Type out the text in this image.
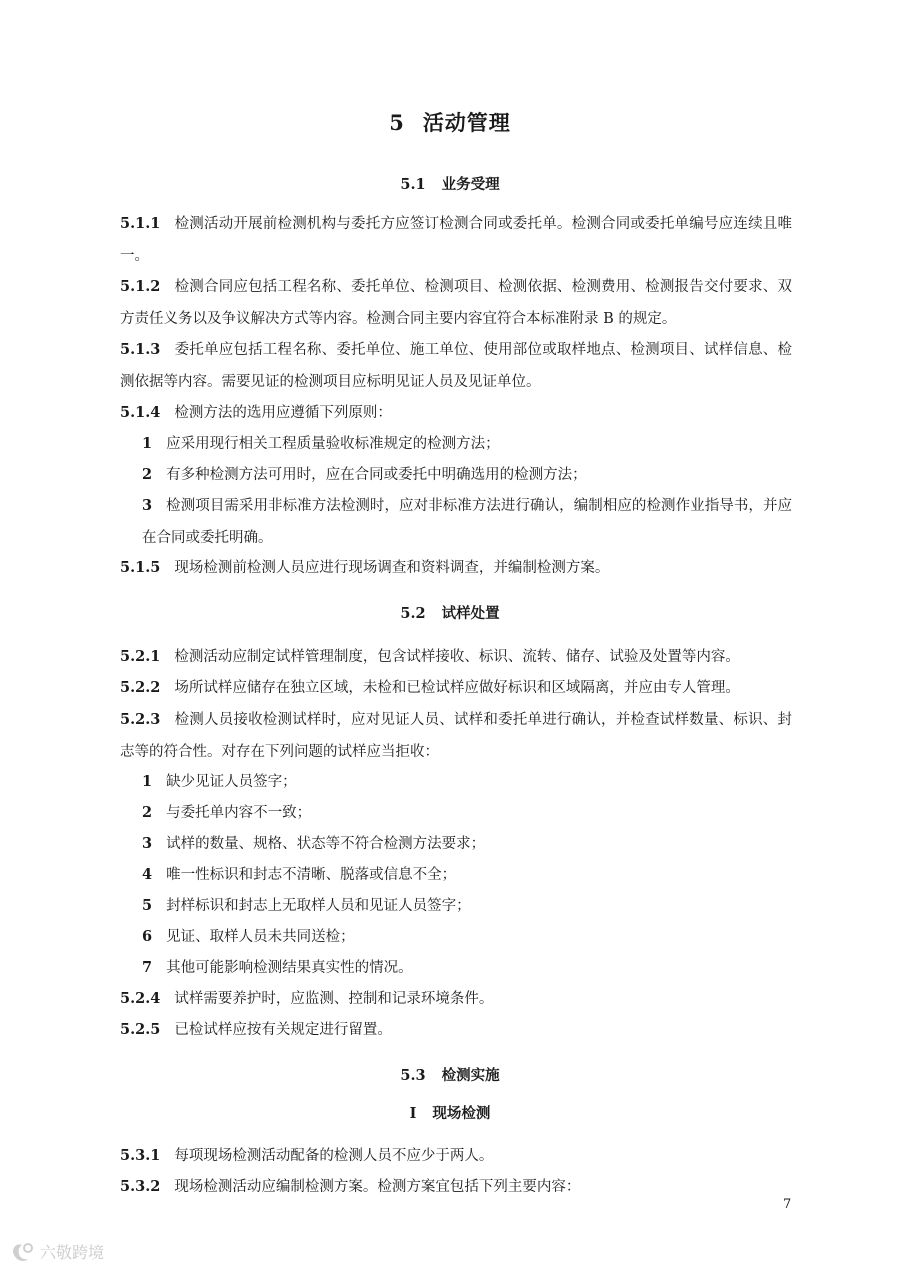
5 活动管理
5.1 业务受理
5.1.1 检测活动开展前检测机构与委托方应签订检测合同或委托单。检测合同或委托单编号应连续且唯一。
5.1.2 检测合同应包括工程名称、委托单位、检测项目、检测依据、检测费用、检测报告交付要求、双方责任义务以及争议解决方式等内容。检测合同主要内容宜符合本标准附录 B 的规定。
5.1.3 委托单应包括工程名称、委托单位、施工单位、使用部位或取样地点、检测项目、试样信息、检测依据等内容。需要见证的检测项目应标明见证人员及见证单位。
5.1.4 检测方法的选用应遵循下列原则：
1 应采用现行相关工程质量验收标准规定的检测方法；
2 有多种检测方法可用时，应在合同或委托中明确选用的检测方法；
3 检测项目需采用非标准方法检测时，应对非标准方法进行确认，编制相应的检测作业指导书，并应在合同或委托明确。
5.1.5 现场检测前检测人员应进行现场调查和资料调查，并编制检测方案。
5.2 试样处置
5.2.1 检测活动应制定试样管理制度，包含试样接收、标识、流转、储存、试验及处置等内容。
5.2.2 场所试样应储存在独立区域，未检和已检试样应做好标识和区域隔离，并应由专人管理。
5.2.3 检测人员接收检测试样时，应对见证人员、试样和委托单进行确认，并检查试样数量、标识、封志等的符合性。对存在下列问题的试样应当拒收：
1 缺少见证人员签字；
2 与委托单内容不一致；
3 试样的数量、规格、状态等不符合检测方法要求；
4 唯一性标识和封志不清晰、脱落或信息不全；
5 封样标识和封志上无取样人员和见证人员签字；
6 见证、取样人员未共同送检；
7 其他可能影响检测结果真实性的情况。
5.2.4 试样需要养护时，应监测、控制和记录环境条件。
5.2.5 已检试样应按有关规定进行留置。
5.3 检测实施
I 现场检测
5.3.1 每项现场检测活动配备的检测人员不应少于两人。
5.3.2 现场检测活动应编制检测方案。检测方案宜包括下列主要内容：
7
六敬跨境
